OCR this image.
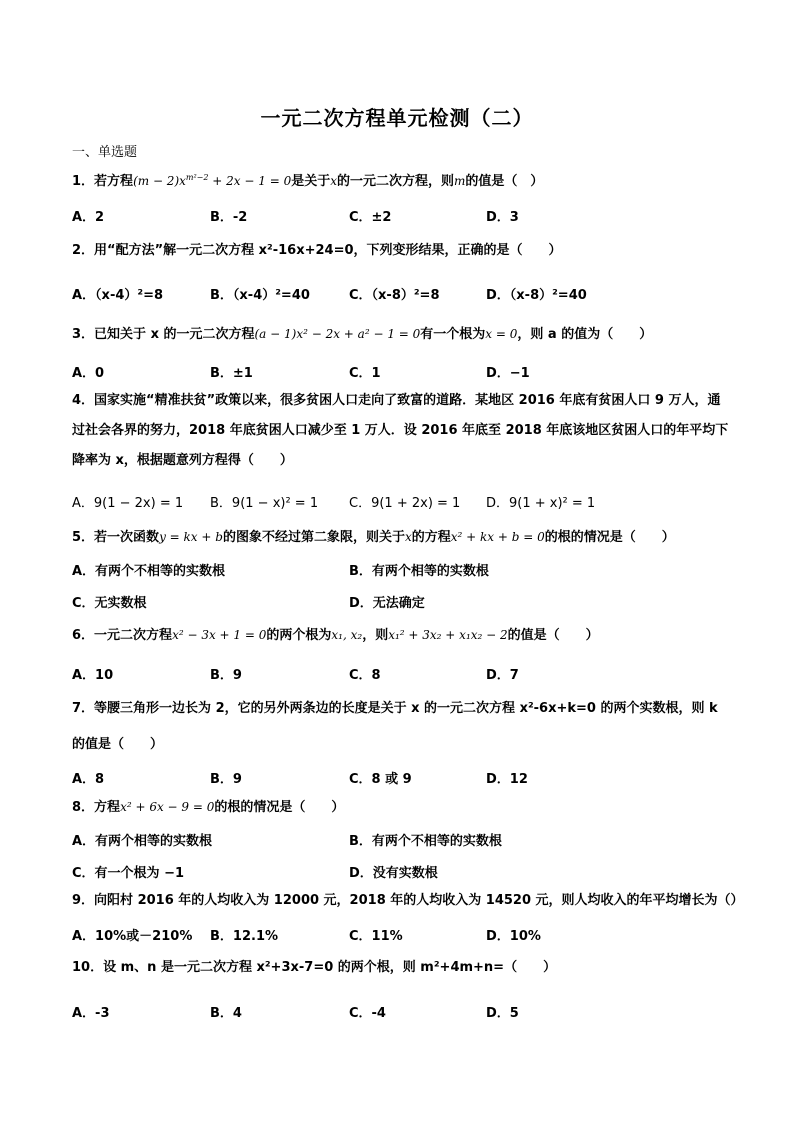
一元二次方程单元检测（二）
一、单选题
1．若方程$(m - 2)x^{m^2-2} + 2x - 1 = 0$是关于x的一元二次方程，则m的值是（　）
A．2	B．-2	C．±2	D．3
2．用“配方法”解一元二次方程 x²-16x+24=0，下列变形结果，正确的是（　　）
A．（x-4）²=8	B．（x-4）²=40	C．（x-8）²=8	D．（x-8）²=40
3．已知关于 x 的一元二次方程(a − 1)x² − 2x + a² − 1 = 0有一个根为x = 0，则 a 的值为（　　）
A．0	B．±1	C．1	D．−1
4．国家实施“精准扶贫”政策以来，很多贫困人口走向了致富的道路．某地区 2016 年底有贫困人口 9 万人，通过社会各界的努力，2018 年底贫困人口减少至 1 万人．设 2016 年底至 2018 年底该地区贫困人口的年平均下降率为 x，根据题意列方程得（　　）
A．9(1 − 2x) = 1 B．9(1 − x)² = 1 C．9(1 + 2x) = 1 D．9(1 + x)² = 1
5．若一次函数y = kx + b的图象不经过第二象限，则关于x的方程x² + kx + b = 0的根的情况是（　　）
A．有两个不相等的实数根	B．有两个相等的实数根
C．无实数根	D．无法确定
6．一元二次方程x² − 3x + 1 = 0的两个根为x₁, x₂，则x₁² + 3x₂ + x₁x₂ − 2的值是（　　）
A．10	B．9	C．8	D．7
7．等腰三角形一边长为 2，它的另外两条边的长度是关于 x 的一元二次方程 x²-6x+k=0 的两个实数根，则 k
的值是（　　）
A．8	B．9	C．8 或 9	D．12
8．方程x² + 6x − 9 = 0的根的情况是（　　）
A．有两个相等的实数根	B．有两个不相等的实数根
C．有一个根为 −1	D．没有实数根
9．向阳村 2016 年的人均收入为 12000 元，2018 年的人均收入为 14520 元，则人均收入的年平均增长为（）
A．10%或－210% B．12.1%	C．11%	D．10%
10．设 m、n 是一元二次方程 x²+3x-7=0 的两个根，则 m²+4m+n=（　　）
A．-3	B．4	C．-4	D．5
